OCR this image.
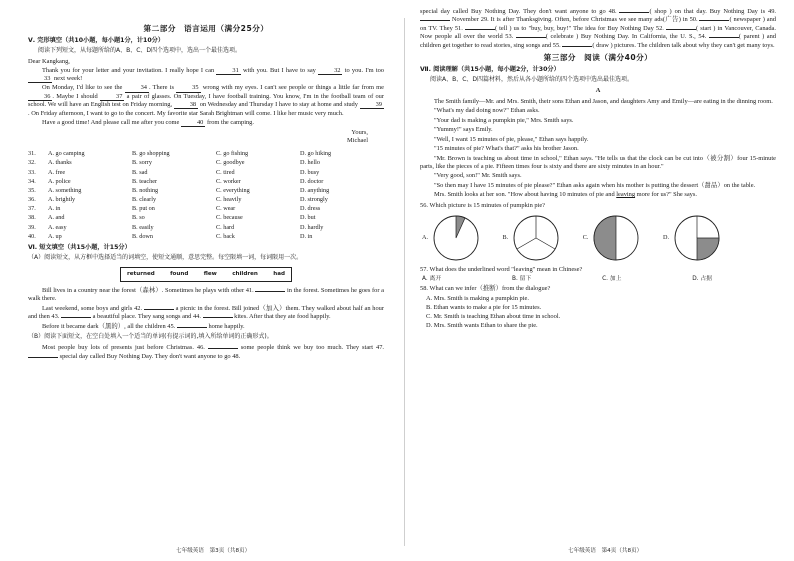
第二部分　语言运用（满分25分）
Ⅴ. 完形填空（共10小题，每小题1分，计10分）
阅读下列短文，从每题所给的A、B、C、D四个选项中，选出一个最佳选项。

Dear Kangkang,

Thank you for your letter and your invitation. I really hope I can	31 with you. But I have to say	32 to you. I'm too 33 next week!

On Monday, I'd like to see the	34 . There is	35 wrong with my eyes. I can't see people or things a little far from me 36 . Maybe I should	37 a pair of glasses. On Tuesday, I have football training. You know, I'm in the football team of our school. We will have an English test on Friday morning,	38 on Wednesday and Thursday I have to stay at home and study	39. On Friday afternoon, I want to go to the concert. My favorite star Sarah Brightman will come. I like her music very much.

Have a good time! And please call me after you come	40 from the camping.

Yours,

Michael

31.	A. go camping	B. go shopping	C. go fishing	D. go hiking
32.	A. thanks	B. sorry	C. goodbye	D. hello
33.	A. free	B. sad	C. tired	D. busy
34.	A. police	B. teacher	C. worker	D. doctor
35.	A. something	B. nothing	C. everything	D. anything
36.	A. brightly	B. clearly	C. heavily	D. strongly
37.	A. in	B. put on	C. wear	D. dress
38.	A. and	B. so	C. because	D. but
39.	A. easy	B. easily	C. hard	D. hardly
40.	A. up	B. down	C. back	D. in
Ⅵ. 短文填空（共15小题，计15分）
（A）阅读短文，从方框中选择适当的词填空，使短文通顺，意思完整。每空限填一词，每词限用一次。
returned	found	flew	children	had

Bill lives in a country near the forest（森林）. Sometimes he plays with other 41.	in the forest. Sometimes he goes for a walk there.

Last weekend, some boys and girls 42.	a picnic in the forest. Bill joined（加入）them. They walked about half an hour and then 43.	a beautiful place. They sang songs and 44.	kites. After that they ate food happily.

Before it became dark（黑的）, all the children 45.	home happily.

（B）阅读下面短文，在空白处填入一个适当的单词(有提示词的,填入所给单词的正确形式)。

Most people buy lots of presents just before Christmas. 46.	some people think we buy too much. They start 47.  special day called Buy Nothing Day. They don't want anyone to go 48.

special day called Buy Nothing Day. They don't want anyone to go 48.	( shop ) on that day. Buy Nothing Day is 49.  November 29. It is after Thanksgiving. Often, before Christmas we see many ads(广告) in 50.	( newspaper ) and on TV. They 51.	( tell ) us to "buy, buy, buy!" The idea for Buy Nothing Day 52.	( start ) in Vancouver, Canada. Now people all over the world 53.	( celebrate ) Buy Nothing Day. In California, the U. S., 54.	( parent ) and children get together to read stories, sing songs and 55.	( draw ) pictures. The children talk about why they can't get many toys.

第三部分　阅读（满分40分）
Ⅶ. 阅读理解（共15小题，每小题2分，计30分）
阅读A、B、C、D四篇材料，然后从各小题所给的四个选项中选出最佳选项。
A

The Smith family—Mr. and Mrs. Smith, their sons Ethan and Jason, and daughters Amy and Emily—are eating in the dinning room.

"What's my dad doing now?" Ethan asks.

"Your dad is making a pumpkin pie," Mrs. Smith says.

"Yummy!" says Emily.

"Well, I want 15 minutes of pie, please," Ethan says happily.

"15 minutes of pie? What's that?" asks his brother Jason.

"Mr. Brown is teaching us about time in school," Ethan says. "He tells us that the clock can be cut into（被分割）four 15-minute parts, like the pieces of a pie. Fifteen times four is sixty and there are sixty minutes in an hour."

"Very good, son!" Mr. Smith says.

"So then may I have 15 minutes of pie please?" Ethan asks again when his mother is putting the dessert（甜品）on the table.

Mrs. Smith looks at her son. "How about having 10 minutes of pie and leaving more for us?" She says.

56. Which picture is 15 minutes of pumpkin pie?

A.	B.	C.	D.

57. What does the underlined word "leaving" mean in Chinese?

A. 离开	B. 留下	C. 加上	D. 占据

58. What can we infer（推断）from the dialogue?

A. Mrs. Smith is making a pumpkin pie.

B. Ethan wants to make a pie for 15 minutes.

C. Mr. Smith is teaching Ethan about time in school.

D. Mrs. Smith wants Ethan to share the pie.

七年级英语　第3页（共8页）	七年级英语　第4页（共8页）
